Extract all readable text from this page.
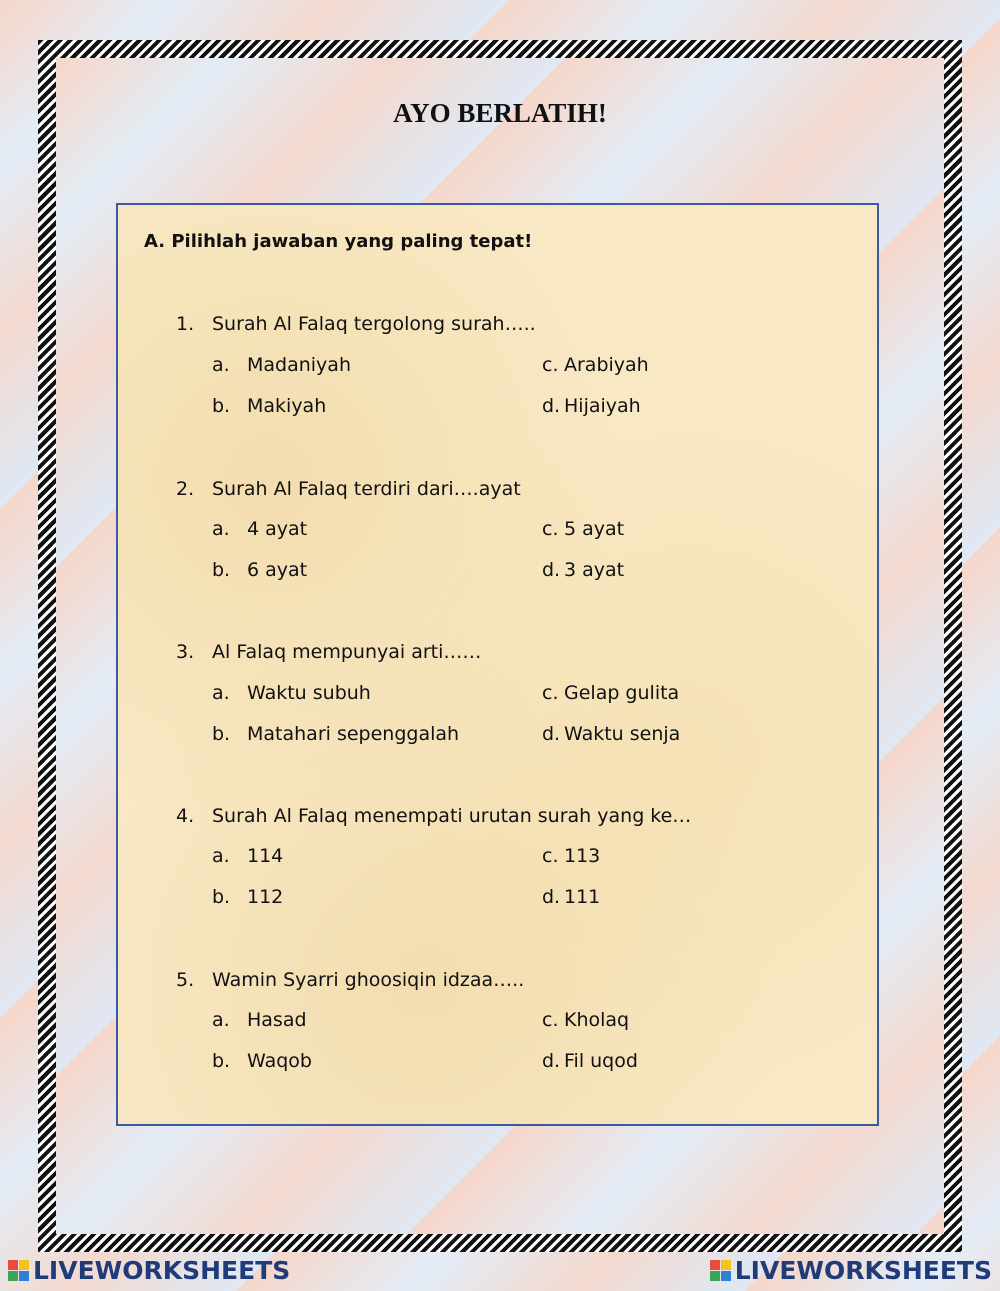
AYO BERLATIH!
A. Pilihlah jawaban yang paling tepat!
1. Surah Al Falaq tergolong surah…..
a. Madaniyah	c. Arabiyah
b. Makiyah	d. Hijaiyah
2. Surah Al Falaq terdiri dari….ayat
a. 4 ayat	c. 5 ayat
b. 6 ayat	d. 3 ayat
3. Al Falaq mempunyai arti……
a. Waktu subuh	c. Gelap gulita
b. Matahari sepenggalah	d. Waktu senja
4. Surah Al Falaq menempati urutan surah yang ke…
a. 114	c. 113
b. 112	d. 111
5. Wamin Syarri ghoosiqin idzaa…..
a. Hasad	c. Kholaq
b. Waqob	d. Fil uqod
LIVEWORKSHEETS	LIVEWORKSHEETS
